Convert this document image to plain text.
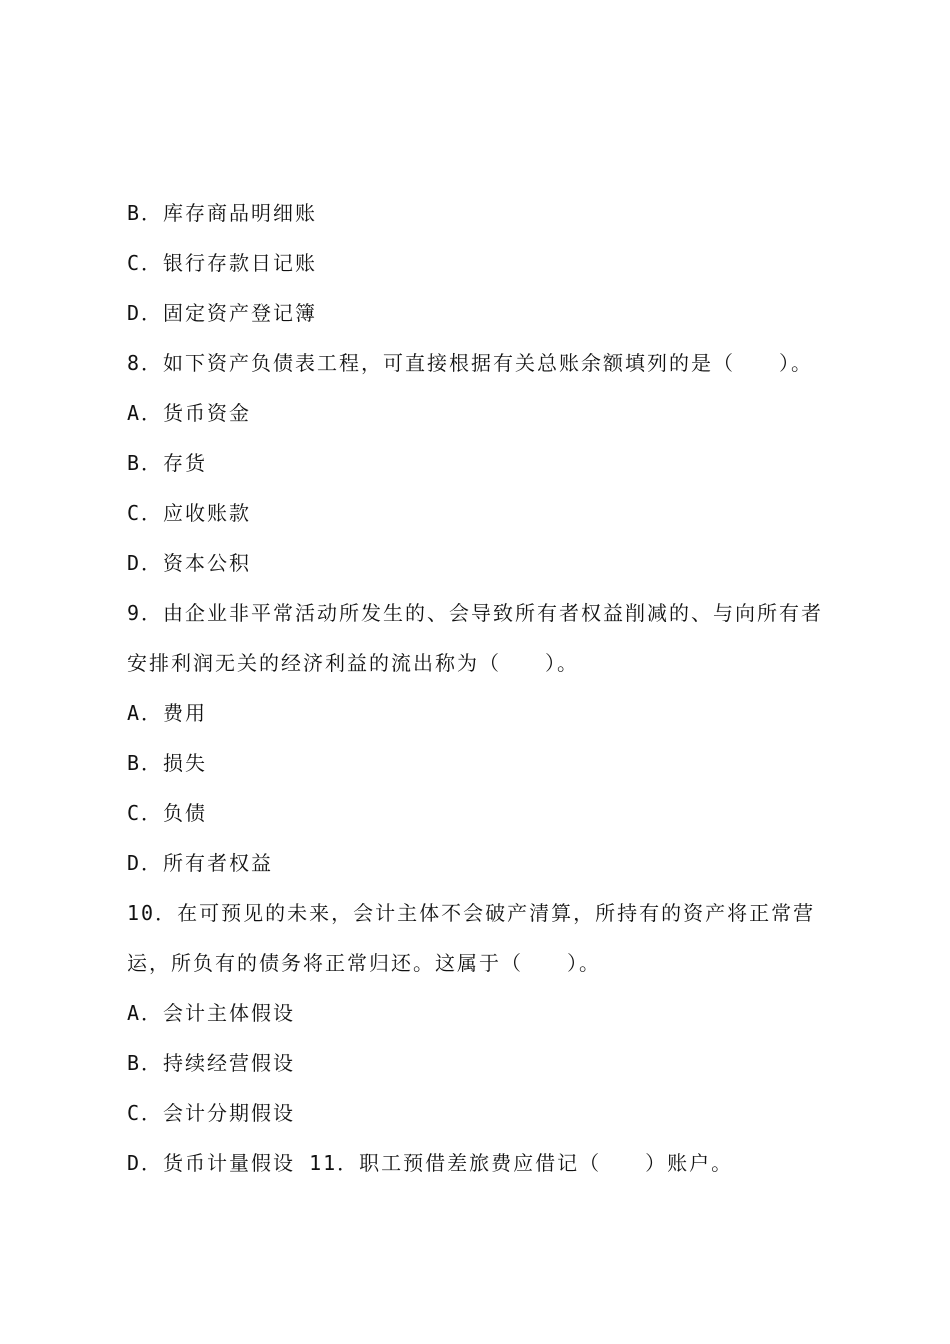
B．库存商品明细账
C．银行存款日记账
D．固定资产登记簿
8．如下资产负债表工程，可直接根据有关总账余额填列的是（　　）。
A．货币资金
B．存货
C．应收账款
D．资本公积
9．由企业非平常活动所发生的、会导致所有者权益削减的、与向所有者
安排利润无关的经济利益的流出称为（　　）。
A．费用
B．损失
C．负债
D．所有者权益
10．在可预见的未来，会计主体不会破产清算，所持有的资产将正常营
运，所负有的债务将正常归还。这属于（　　）。
A．会计主体假设
B．持续经营假设
C．会计分期假设
D．货币计量假设 11．职工预借差旅费应借记（　　）账户。
